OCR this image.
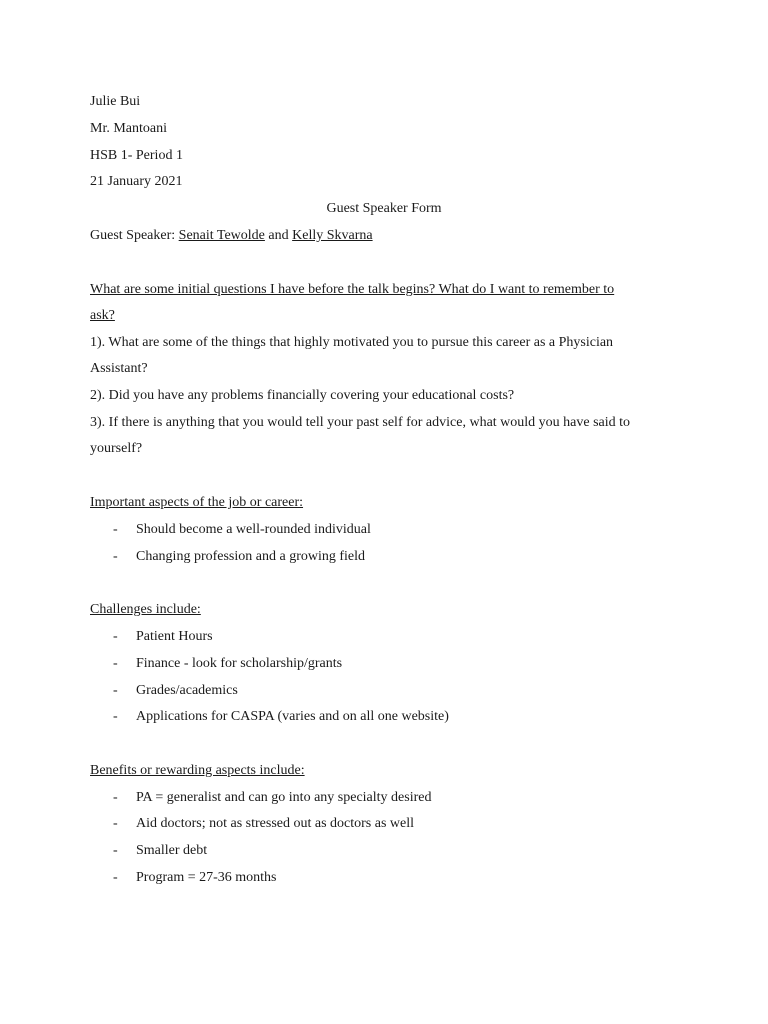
Julie Bui
Mr. Mantoani
HSB 1- Period 1
21 January 2021
Guest Speaker Form
Guest Speaker: Senait Tewolde and Kelly Skvarna
What are some initial questions I have before the talk begins? What do I want to remember to
ask?
1). What are some of the things that highly motivated you to pursue this career as a Physician
Assistant?
2). Did you have any problems financially covering your educational costs?
3). If there is anything that you would tell your past self for advice, what would you have said to
yourself?
Important aspects of the job or career:
- Should become a well-rounded individual
- Changing profession and a growing field
Challenges include:
- Patient Hours
- Finance - look for scholarship/grants
- Grades/academics
- Applications for CASPA (varies and on all one website)
Benefits or rewarding aspects include:
- PA = generalist and can go into any specialty desired
- Aid doctors; not as stressed out as doctors as well
- Smaller debt
- Program = 27-36 months
